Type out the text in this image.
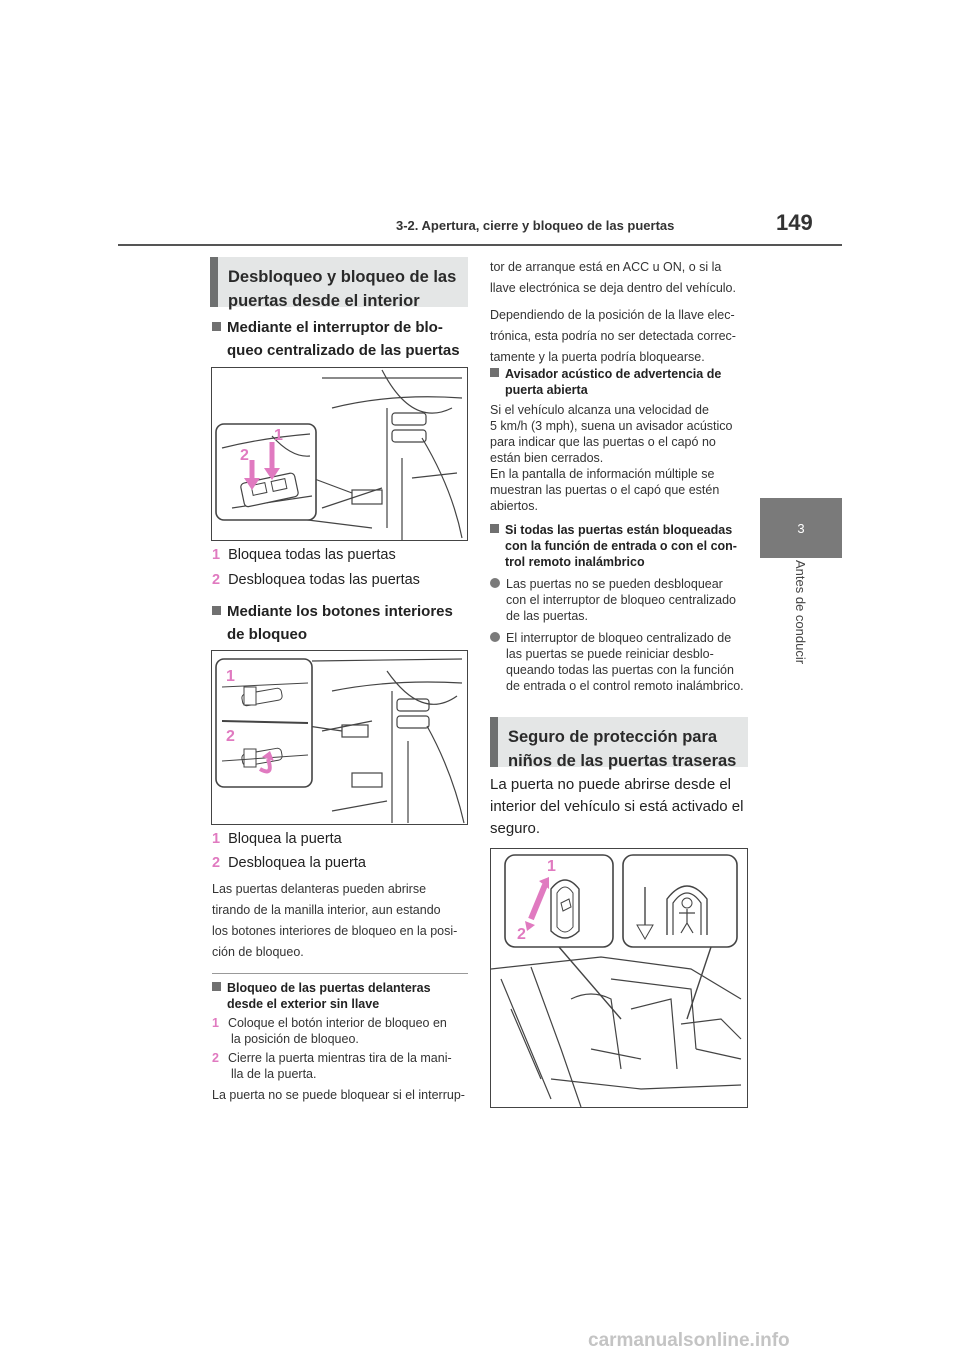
3-2. Apertura, cierre y bloqueo de las puertas	149
3
Antes de conducir
Desbloqueo y bloqueo de las
puertas desde el interior
Mediante el interruptor de blo-
queo centralizado de las puertas
1
2
1 Bloquea todas las puertas
2 Desbloquea todas las puertas
Mediante los botones interiores
de bloqueo
1
2
1 Bloquea la puerta
2 Desbloquea la puerta
Las puertas delanteras pueden abrirse
tirando de la manilla interior, aun estando
los botones interiores de bloqueo en la posi-
ción de bloqueo.
Bloqueo de las puertas delanteras
desde el exterior sin llave
1 Coloque el botón interior de bloqueo en
la posición de bloqueo.
2 Cierre la puerta mientras tira de la mani-
lla de la puerta.
La puerta no se puede bloquear si el interrup-
tor de arranque está en ACC u ON, o si la
llave electrónica se deja dentro del vehículo.
Dependiendo de la posición de la llave elec-
trónica, esta podría no ser detectada correc-
tamente y la puerta podría bloquearse.
Avisador acústico de advertencia de
puerta abierta
Si el vehículo alcanza una velocidad de
5 km/h (3 mph), suena un avisador acústico
para indicar que las puertas o el capó no
están bien cerrados.
En la pantalla de información múltiple se
muestran las puertas o el capó que estén
abiertos.
Si todas las puertas están bloqueadas
con la función de entrada o con el con-
trol remoto inalámbrico
Las puertas no se pueden desbloquear
con el interruptor de bloqueo centralizado
de las puertas.
El interruptor de bloqueo centralizado de
las puertas se puede reiniciar desblo-
queando todas las puertas con la función
de entrada o el control remoto inalámbrico.
Seguro de protección para
niños de las puertas traseras
La puerta no puede abrirse desde el
interior del vehículo si está activado el
seguro.
1
2
carmanualsonline.info
